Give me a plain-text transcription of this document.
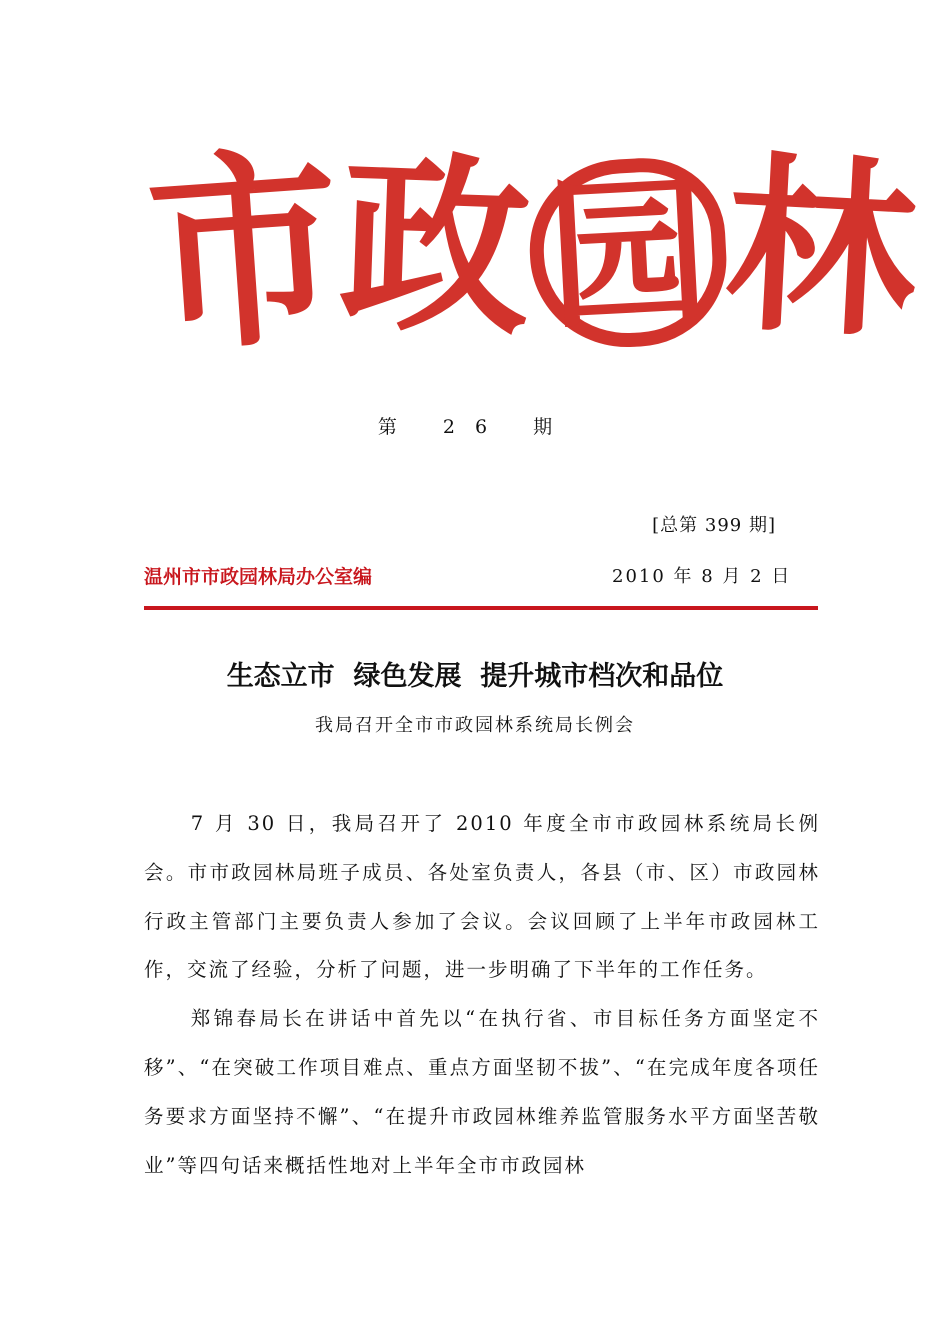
市
政 园 林
第 26 期
[总第 399 期]
温州市市政园林局办公室编	2010 年 8 月 2 日
生态立市  绿色发展  提升城市档次和品位
我局召开全市市政园林系统局长例会

7 月 30 日，我局召开了 2010 年度全市市政园林系统局长例会。市市政园林局班子成员、各处室负责人，各县（市、区）市政园林行政主管部门主要负责人参加了会议。会议回顾了上半年市政园林工作，交流了经验，分析了问题，进一步明确了下半年的工作任务。

郑锦春局长在讲话中首先以“在执行省、市目标任务方面坚定不移”、“在突破工作项目难点、重点方面坚韧不拔”、“在完成年度各项任务要求方面坚持不懈”、“在提升市政园林维养监管服务水平方面坚苦敬业”等四句话来概括性地对上半年全市市政园林
